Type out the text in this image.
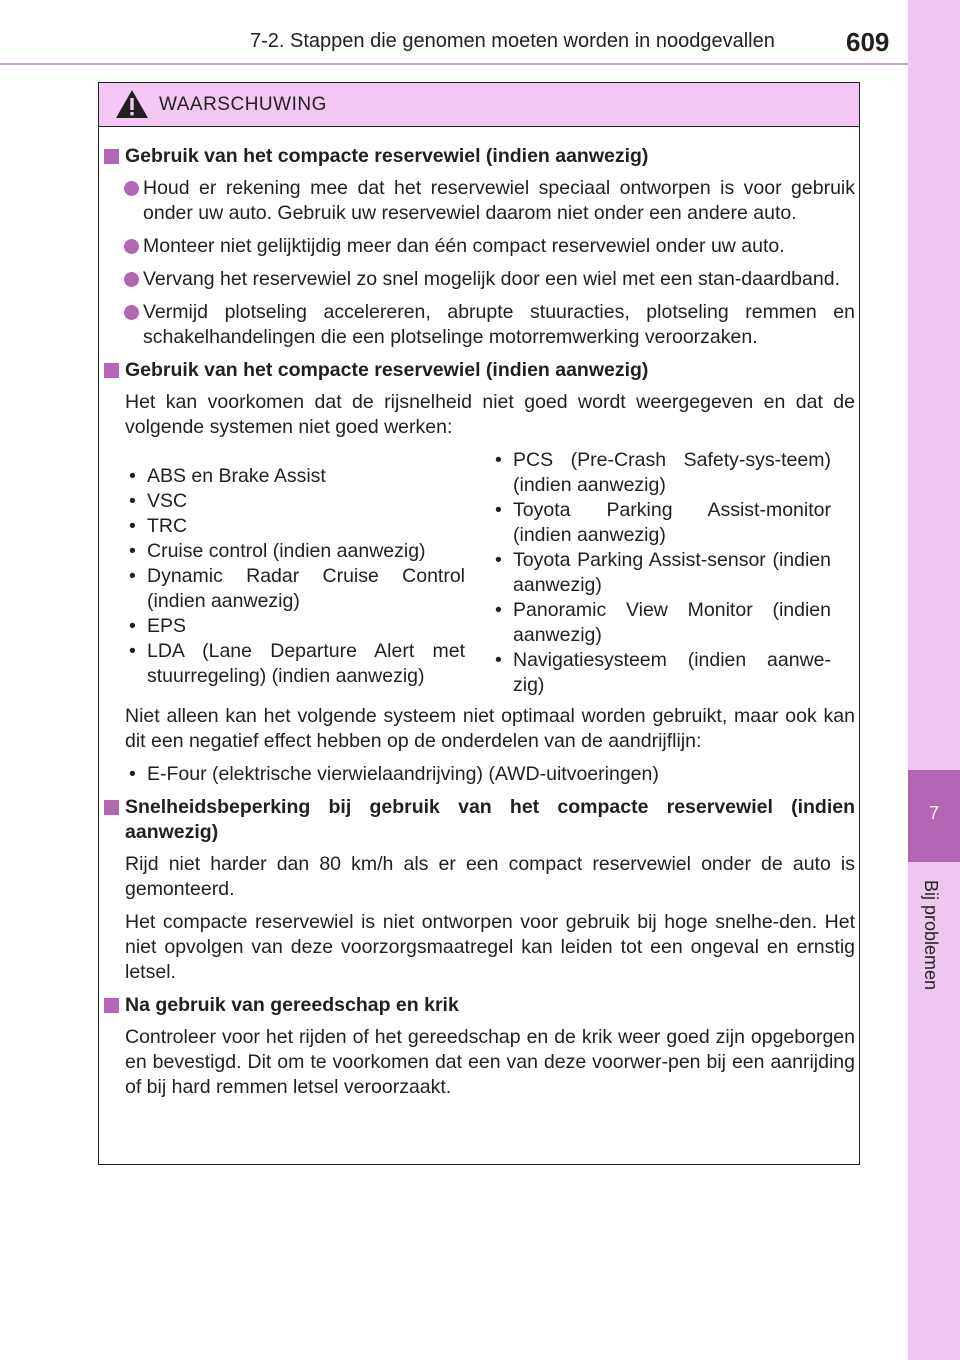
7-2. Stappen die genomen moeten worden in noodgevallen	609
7
Bij problemen
WAARSCHUWING
Gebruik van het compacte reservewiel (indien aanwezig)
Houd er rekening mee dat het reservewiel speciaal ontworpen is voor gebruik onder uw auto. Gebruik uw reservewiel daarom niet onder een andere auto.
Monteer niet gelijktijdig meer dan één compact reservewiel onder uw auto.
Vervang het reservewiel zo snel mogelijk door een wiel met een stan-daardband.
Vermijd plotseling accelereren, abrupte stuuracties, plotseling remmen en schakelhandelingen die een plotselinge motorremwerking veroorzaken.
Gebruik van het compacte reservewiel (indien aanwezig)
Het kan voorkomen dat de rijsnelheid niet goed wordt weergegeven en dat de volgende systemen niet goed werken:
• ABS en Brake Assist
• VSC
• TRC
• Cruise control (indien aanwezig)
• Dynamic Radar Cruise Control (indien aanwezig)
• EPS
• LDA (Lane Departure Alert met stuurregeling) (indien aanwezig)
• PCS (Pre-Crash Safety-sys-teem) (indien aanwezig)
• Toyota Parking Assist-monitor (indien aanwezig)
• Toyota Parking Assist-sensor (indien aanwezig)
• Panoramic View Monitor (indien aanwezig)
• Navigatiesysteem (indien aanwe-zig)
Niet alleen kan het volgende systeem niet optimaal worden gebruikt, maar ook kan dit een negatief effect hebben op de onderdelen van de aandrijflijn:
• E-Four (elektrische vierwielaandrijving) (AWD-uitvoeringen)
Snelheidsbeperking bij gebruik van het compacte reservewiel (indien aanwezig)
Rijd niet harder dan 80 km/h als er een compact reservewiel onder de auto is gemonteerd.
Het compacte reservewiel is niet ontworpen voor gebruik bij hoge snelhe-den. Het niet opvolgen van deze voorzorgsmaatregel kan leiden tot een ongeval en ernstig letsel.
Na gebruik van gereedschap en krik
Controleer voor het rijden of het gereedschap en de krik weer goed zijn opgeborgen en bevestigd. Dit om te voorkomen dat een van deze voorwer-pen bij een aanrijding of bij hard remmen letsel veroorzaakt.
